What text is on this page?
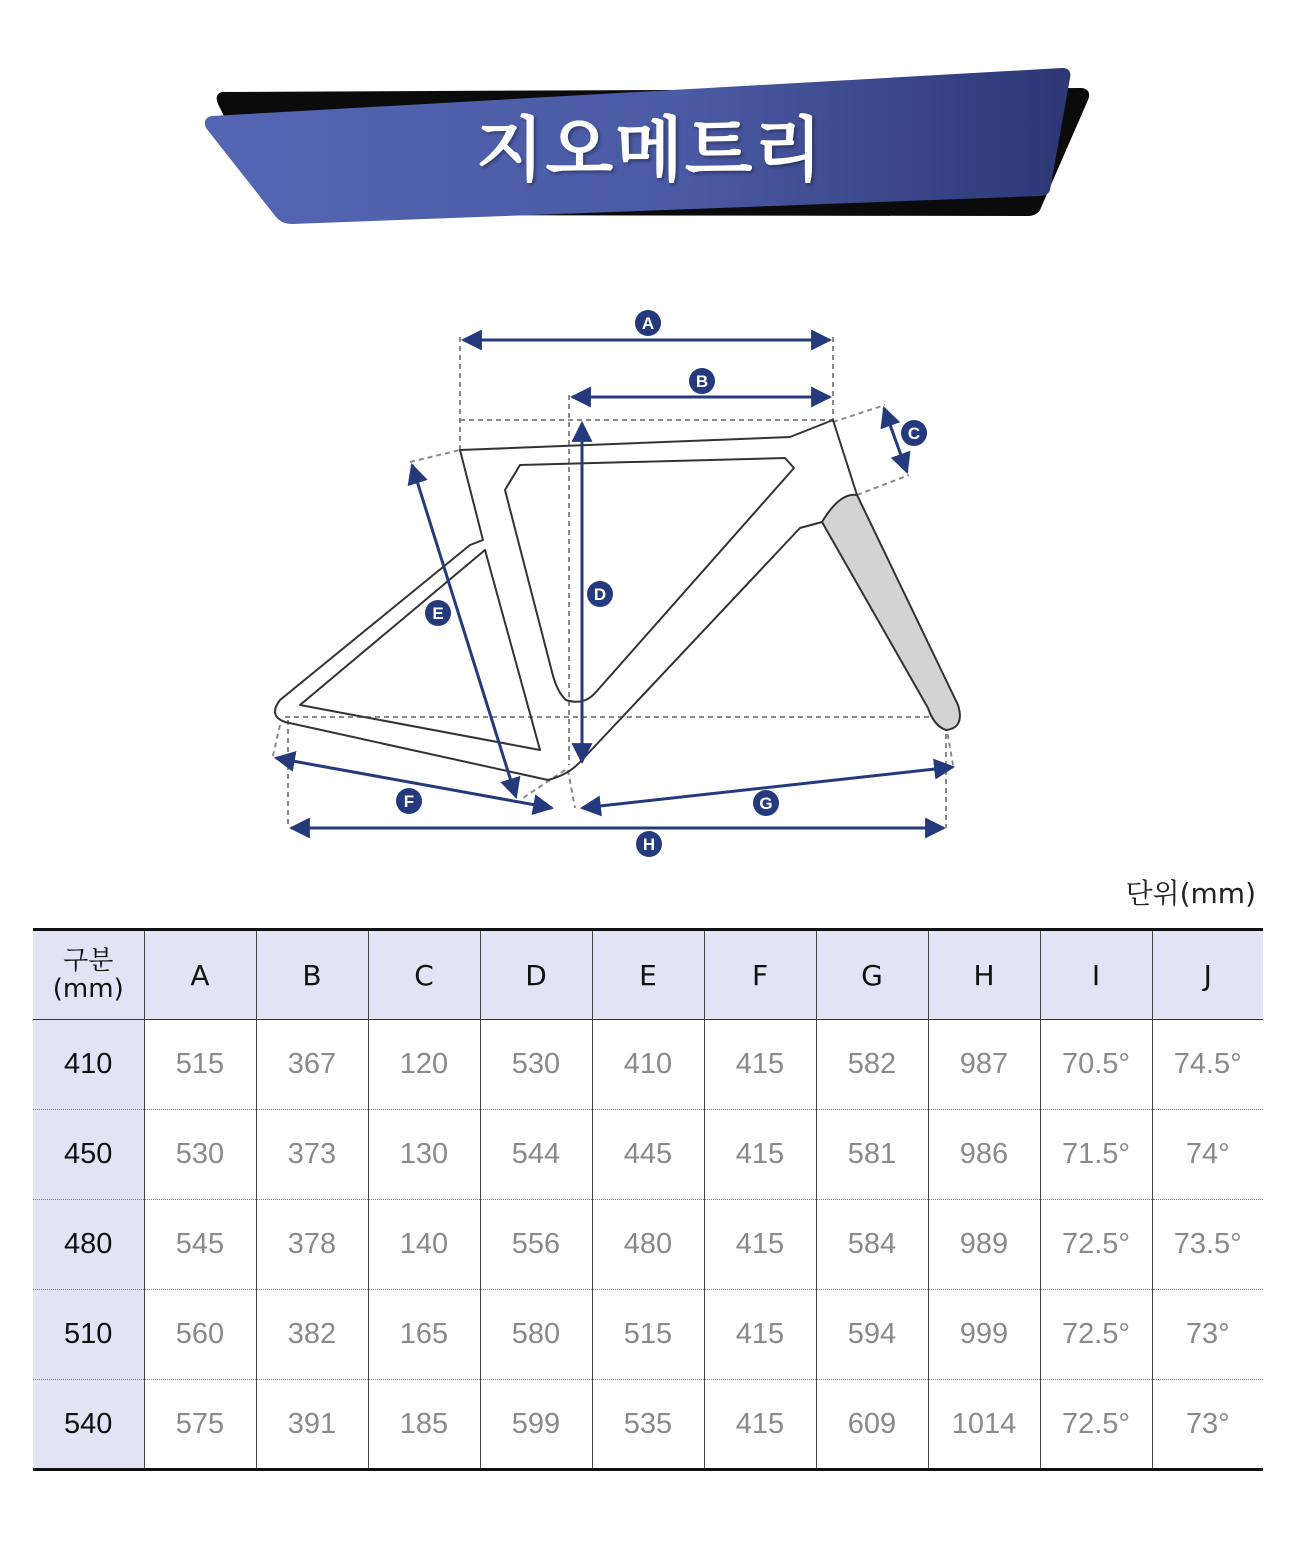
지오메트리
A
B
C
D
E
F	G
H
단위(mm)
구분
(mm)	A	B	C	D	E	F	G	H	I	J
410	515	367	120	530	410	415	582	987	70.5°	74.5°
450	530	373	130	544	445	415	581	986	71.5°	74°
480	545	378	140	556	480	415	584	989	72.5°	73.5°
510	560	382	165	580	515	415	594	999	72.5°	73°
540	575	391	185	599	535	415	609	1014	72.5°	73°
